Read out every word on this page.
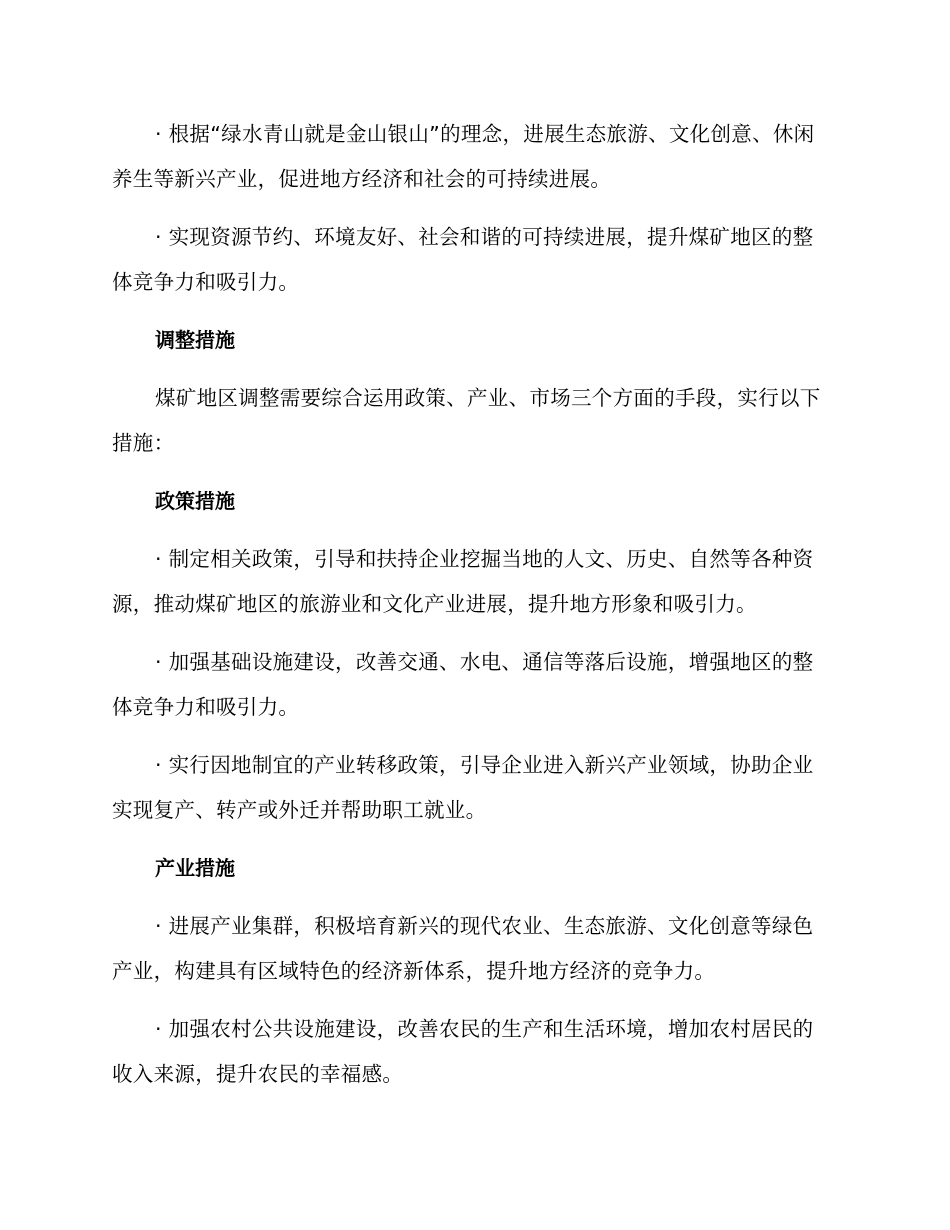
· 根据“绿水青山就是金山银山”的理念，进展生态旅游、文化创意、休闲养生等新兴产业，促进地方经济和社会的可持续进展。

· 实现资源节约、环境友好、社会和谐的可持续进展，提升煤矿地区的整体竞争力和吸引力。

调整措施

煤矿地区调整需要综合运用政策、产业、市场三个方面的手段，实行以下措施：

政策措施

· 制定相关政策，引导和扶持企业挖掘当地的人文、历史、自然等各种资源，推动煤矿地区的旅游业和文化产业进展，提升地方形象和吸引力。

· 加强基础设施建设，改善交通、水电、通信等落后设施，增强地区的整体竞争力和吸引力。

· 实行因地制宜的产业转移政策，引导企业进入新兴产业领域，协助企业实现复产、转产或外迁并帮助职工就业。

产业措施

· 进展产业集群，积极培育新兴的现代农业、生态旅游、文化创意等绿色产业，构建具有区域特色的经济新体系，提升地方经济的竞争力。

· 加强农村公共设施建设，改善农民的生产和生活环境，增加农村居民的收入来源，提升农民的幸福感。
